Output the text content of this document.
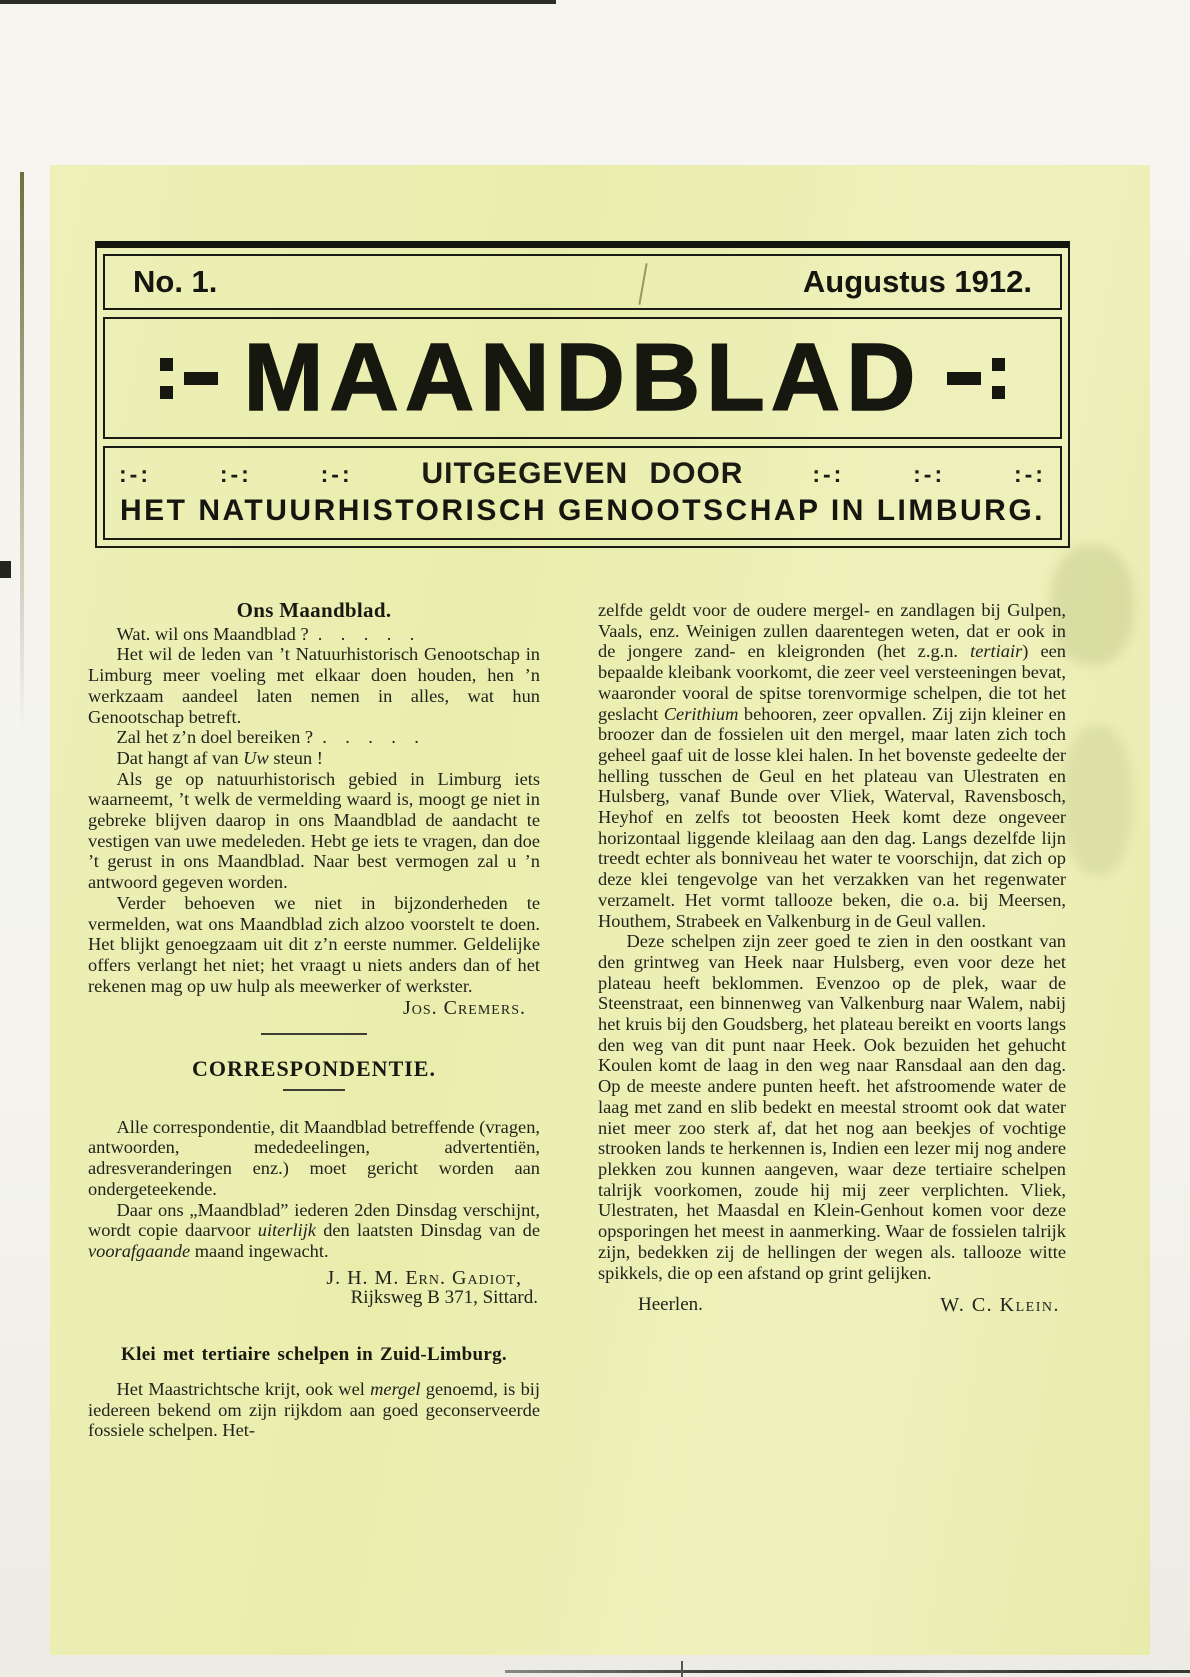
No. 1.	Augustus 1912.
MAANDBLAD
:-:	:-:	:-: UITGEGEVEN DOOR	:-:	:-:	:-:
HET NATUURHISTORISCH GENOOTSCHAP IN LIMBURG.
Ons Maandblad.

Wat. wil ons Maandblad ? .  .  .  .  .

Het wil de leden van ’t Natuurhistorisch Genootschap in Limburg meer voeling met elkaar doen houden, hen ’n werkzaam aandeel laten nemen in alles, wat hun Genootschap betreft.

Zal het z’n doel bereiken ? .  .  .  .  .

Dat hangt af van Uw steun !

Als ge op natuurhistorisch gebied in Limburg iets waarneemt, ’t welk de vermelding waard is, moogt ge niet in gebreke blijven daarop in ons Maandblad de aandacht te vestigen van uwe medeleden. Hebt ge iets te vragen, dan doe ’t gerust in ons Maandblad. Naar best vermogen zal u ’n antwoord gegeven worden.

Verder behoeven we niet in bijzonderheden te vermelden, wat ons Maandblad zich alzoo voorstelt te doen. Het blijkt genoegzaam uit dit z’n eerste nummer. Geldelijke offers verlangt het niet; het vraagt u niets anders dan of het rekenen mag op uw hulp als meewerker of werkster.

Jos. Cremers.
CORRESPONDENTIE.

Alle correspondentie, dit Maandblad betreffende (vragen, antwoorden, mededeelingen, advertentiën, adresveranderingen enz.) moet gericht worden aan ondergeteekende.

Daar ons „Maandblad” iederen 2den Dinsdag verschijnt, wordt copie daarvoor uiterlijk den laatsten Dinsdag van de voorafgaande maand ingewacht.

J. H. M. Ern. Gadiot,
Rijksweg B 371, Sittard.
Klei met tertiaire schelpen in Zuid-Limburg.

Het Maastrichtsche krijt, ook wel mergel genoemd, is bij iedereen bekend om zijn rijkdom aan goed geconserveerde fossiele schelpen. Het-

zelfde geldt voor de oudere mergel- en zandlagen bij Gulpen, Vaals, enz. Weinigen zullen daarentegen weten, dat er ook in de jongere zand- en kleigronden (het z.g.n. tertiair) een bepaalde kleibank voorkomt, die zeer veel versteeningen bevat, waaronder vooral de spitse torenvormige schelpen, die tot het geslacht Cerithium behooren, zeer opvallen. Zij zijn kleiner en broozer dan de fossielen uit den mergel, maar laten zich toch geheel gaaf uit de losse klei halen. In het bovenste gedeelte der helling tusschen de Geul en het plateau van Ulestraten en Hulsberg, vanaf Bunde over Vliek, Waterval, Ravensbosch, Heyhof en zelfs tot beoosten Heek komt deze ongeveer horizontaal liggende kleilaag aan den dag. Langs dezelfde lijn treedt echter als bonniveau het water te voorschijn, dat zich op deze klei tengevolge van het verzakken van het regenwater verzamelt. Het vormt tallooze beken, die o.a. bij Meersen, Houthem, Strabeek en Valkenburg in de Geul vallen.

Deze schelpen zijn zeer goed te zien in den oostkant van den grintweg van Heek naar Hulsberg, even voor deze het plateau heeft beklommen. Evenzoo op de plek, waar de Steenstraat, een binnenweg van Valkenburg naar Walem, nabij het kruis bij den Goudsberg, het plateau bereikt en voorts langs den weg van dit punt naar Heek. Ook bezuiden het gehucht Koulen komt de laag in den weg naar Ransdaal aan den dag. Op de meeste andere punten heeft. het afstroomende water de laag met zand en slib bedekt en meestal stroomt ook dat water niet meer zoo sterk af, dat het nog aan beekjes of vochtige strooken lands te herkennen is, Indien een lezer mij nog andere plekken zou kunnen aangeven, waar deze tertiaire schelpen talrijk voorkomen, zoude hij mij zeer verplichten. Vliek, Ulestraten, het Maasdal en Klein-Genhout komen voor deze opsporingen het meest in aanmerking. Waar de fossielen talrijk zijn, bedekken zij de hellingen der wegen als. tallooze witte spikkels, die op een afstand op grint gelijken.

Heerlen.	W. C. Klein.
